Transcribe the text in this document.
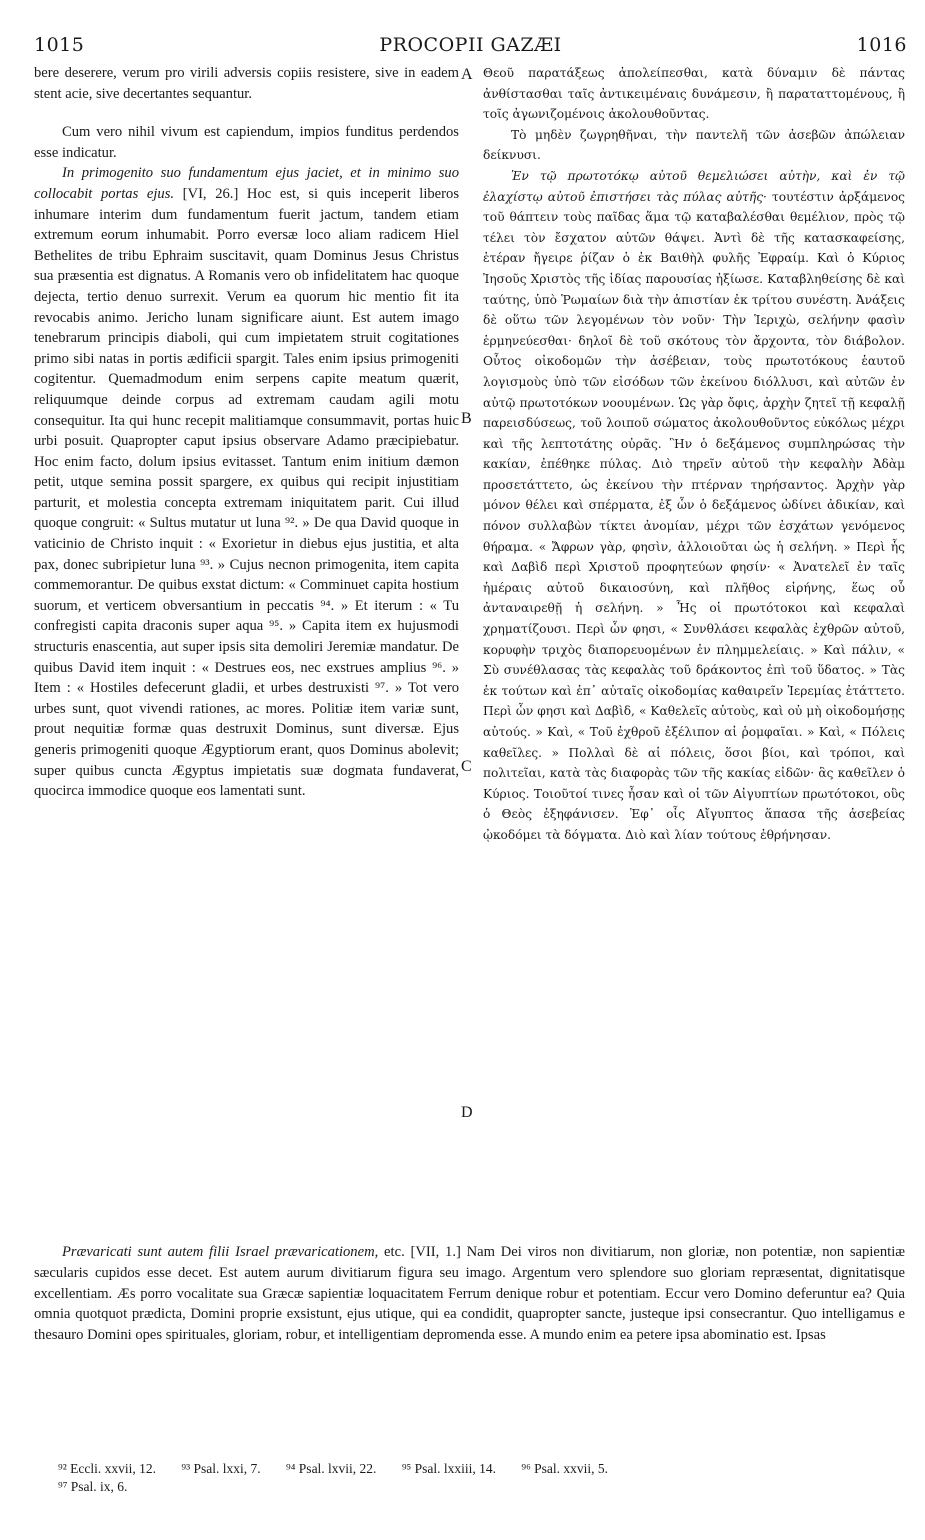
1015	PROCOPII GAZÆI	1016

bere deserere, verum pro virili adversis copiis resistere, sive in eadem stent acie, sive decertantes sequantur.

Cum vero nihil vivum est capiendum, impios funditus perdendos esse indicatur.

In primogenito suo fundamentum ejus jaciet, et in minimo suo collocabit portas ejus. [VI, 26.] Hoc est, si quis inceperit liberos inhumare interim dum fundamentum fuerit jactum, tandem etiam extremum eorum inhumabit. Porro eversæ loco aliam radicem Hiel Bethelites de tribu Ephraim suscitavit, quam Dominus Jesus Christus sua præsentia est dignatus. A Romanis vero ob infidelitatem hac quoque dejecta, tertio denuo surrexit. Verum ea quorum hic mentio fit ita revocabis animo. Jericho lunam significare aiunt. Est autem imago tenebrarum principis diaboli, qui cum impietatem struit cogitationes primo sibi natas in portis ædificii spargit. Tales enim ipsius primogeniti cogitentur. Quemadmodum enim serpens capite meatum quærit, reliquumque deinde corpus ad extremam caudam agili motu consequitur. Ita qui hunc recepit malitiamque consummavit, portas huic urbi posuit. Quapropter caput ipsius observare Adamo præcipiebatur. Hoc enim facto, dolum ipsius evitasset. Tantum enim initium dæmon petit, utque semina possit spargere, ex quibus qui recipit injustitiam parturit, et molestia concepta extremam iniquitatem parit. Cui illud quoque congruit: « Sultus mutatur ut luna ⁹². » De qua David quoque in vaticinio de Christo inquit : « Exorietur in diebus ejus justitia, et alta pax, donec subripietur luna ⁹³. » Cujus necnon primogenita, item capita commemorantur. De quibus exstat dictum: « Comminuet capita hostium suorum, et verticem obversantium in peccatis ⁹⁴. » Et iterum : « Tu confregisti capita draconis super aqua ⁹⁵. » Capita item ex hujusmodi structuris enascentia, aut super ipsis sita demoliri Jeremiæ mandatur. De quibus David item inquit : « Destrues eos, nec exstrues amplius ⁹⁶. » Item : « Hostiles defecerunt gladii, et urbes destruxisti ⁹⁷. » Tot vero urbes sunt, quot vivendi rationes, ac mores. Politiæ item variæ sunt, prout nequitiæ formæ quas destruxit Dominus, sunt diversæ. Ejus generis primogeniti quoque Ægyptiorum erant, quos Dominus abolevit; super quibus cuncta Ægyptus impietatis suæ dogmata fundaverat, quocirca immodice quoque eos lamentati sunt.

Θεοῦ παρατάξεως ἀπολείπεσθαι, κατὰ δύναμιν δὲ πάντας ἀνθίστασθαι ταῖς ἀντικειμέναις δυνάμεσιν, ἢ παραταττομένους, ἢ τοῖς ἀγωνιζομένοις ἀκολουθοῦντας.

Τὸ μηδὲν ζωγρηθῆναι, τὴν παντελῆ τῶν ἀσεβῶν ἀπώλειαν δείκνυσι.

Ἐν τῷ πρωτοτόκῳ αὐτοῦ θεμελιώσει αὐτὴν, καὶ ἐν τῷ ἐλαχίστῳ αὐτοῦ ἐπιστήσει τὰς πύλας αὐτῆς· τουτέστιν ἀρξάμενος τοῦ θάπτειν τοὺς παῖδας ἅμα τῷ καταβαλέσθαι θεμέλιον, πρὸς τῷ τέλει τὸν ἔσχατον αὐτῶν θάψει. Ἀντὶ δὲ τῆς κατασκαφείσης, ἑτέραν ἤγειρε ῥίζαν ὁ ἐκ Βαιθὴλ φυλῆς Ἐφραίμ. Καὶ ὁ Κύριος Ἰησοῦς Χριστὸς τῆς ἰδίας παρουσίας ἠξίωσε. Καταβληθείσης δὲ καὶ ταύτης, ὑπὸ Ῥωμαίων διὰ τὴν ἀπιστίαν ἐκ τρίτου συνέστη. Ἀνάξεις δὲ οὕτω τῶν λεγομένων τὸν νοῦν· Τὴν Ἱεριχὼ, σελήνην φασὶν ἑρμηνεύεσθαι· δηλοῖ δὲ τοῦ σκότους τὸν ἄρχοντα, τὸν διάβολον. Οὗτος οἰκοδομῶν τὴν ἀσέβειαν, τοὺς πρωτοτόκους ἑαυτοῦ λογισμοὺς ὑπὸ τῶν εἰσόδων τῶν ἐκείνου διόλλυσι, καὶ αὐτῶν ἐν αὐτῷ πρωτοτόκων νοουμένων. Ὡς γὰρ ὄφις, ἀρχὴν ζητεῖ τῇ κεφαλῇ παρεισδύσεως, τοῦ λοιποῦ σώματος ἀκολουθοῦντος εὐκόλως μέχρι καὶ τῆς λεπτοτάτης οὐρᾶς. Ἣν ὁ δεξάμενος συμπληρώσας τὴν κακίαν, ἐπέθηκε πύλας. Διὸ τηρεῖν αὐτοῦ τὴν κεφαλὴν Ἀδὰμ προσετάττετο, ὡς ἐκείνου τὴν πτέρναν τηρήσαντος. Ἀρχὴν γὰρ μόνον θέλει καὶ σπέρματα, ἐξ ὧν ὁ δεξάμενος ὠδίνει ἀδικίαν, καὶ πόνον συλλαβὼν τίκτει ἀνομίαν, μέχρι τῶν ἐσχάτων γενόμενος θήραμα. « Ἄφρων γὰρ, φησὶν, ἀλλοιοῦται ὡς ἡ σελήνη. » Περὶ ἧς καὶ Δαβὶδ περὶ Χριστοῦ προφητεύων φησίν· « Ἀνατελεῖ ἐν ταῖς ἡμέραις αὐτοῦ δικαιοσύνη, καὶ πλῆθος εἰρήνης, ἕως οὗ ἀνταναιρεθῇ ἡ σελήνη. » Ἧς οἱ πρωτότοκοι καὶ κεφαλαὶ χρηματίζουσι. Περὶ ὧν φησι, « Συνθλάσει κεφαλὰς ἐχθρῶν αὐτοῦ, κορυφὴν τριχὸς διαπορευομένων ἐν πλημμελείαις. » Καὶ πάλιν, « Σὺ συνέθλασας τὰς κεφαλὰς τοῦ δράκοντος ἐπὶ τοῦ ὕδατος. » Τὰς ἐκ τούτων καὶ ἐπ᾽ αὐταῖς οἰκοδομίας καθαιρεῖν Ἱερεμίας ἐτάττετο. Περὶ ὧν φησι καὶ Δαβὶδ, « Καθελεῖς αὐτοὺς, καὶ οὐ μὴ οἰκοδομήσῃς αὐτούς. » Καὶ, « Τοῦ ἐχθροῦ ἐξέλιπον αἱ ῥομφαῖαι. » Καὶ, « Πόλεις καθεῖλες. » Πολλαὶ δὲ αἱ πόλεις, ὅσοι βίοι, καὶ τρόποι, καὶ πολιτεῖαι, κατὰ τὰς διαφορὰς τῶν τῆς κακίας εἰδῶν· ἃς καθεῖλεν ὁ Κύριος. Τοιοῦτοί τινες ἦσαν καὶ οἱ τῶν Αἰγυπτίων πρωτότοκοι, οὓς ὁ Θεὸς ἐξηφάνισεν. Ἐφ᾽ οἷς Αἴγυπτος ἅπασα τῆς ἀσεβείας ᾠκοδόμει τὰ δόγματα. Διὸ καὶ λίαν τούτους ἐθρήνησαν.

A
B
C
D

Prævaricati sunt autem filii Israel prævaricationem, etc. [VII, 1.] Nam Dei viros non divitiarum, non gloriæ, non potentiæ, non sapientiæ sæcularis cupidos esse decet. Est autem aurum divitiarum figura seu imago. Argentum vero splendore suo gloriam repræsentat, dignitatisque excellentiam. Æs porro vocalitate sua Græcæ sapientiæ loquacitatem Ferrum denique robur et potentiam. Eccur vero Domino deferuntur ea? Quia omnia quotquot prædicta, Domini proprie exsistunt, ejus utique, qui ea condidit, quapropter sancte, justeque ipsi consecrantur. Quo intelligamus e thesauro Domini opes spirituales, gloriam, robur, et intelligentiam depromenda esse. A mundo enim ea petere ipsa abominatio est. Ipsas

⁹² Eccli. xxvii, 12. ⁹³ Psal. lxxi, 7. ⁹⁴ Psal. lxvii, 22. ⁹⁵ Psal. lxxiii, 14. ⁹⁶ Psal. xxvii, 5.
⁹⁷ Psal. ix, 6.
